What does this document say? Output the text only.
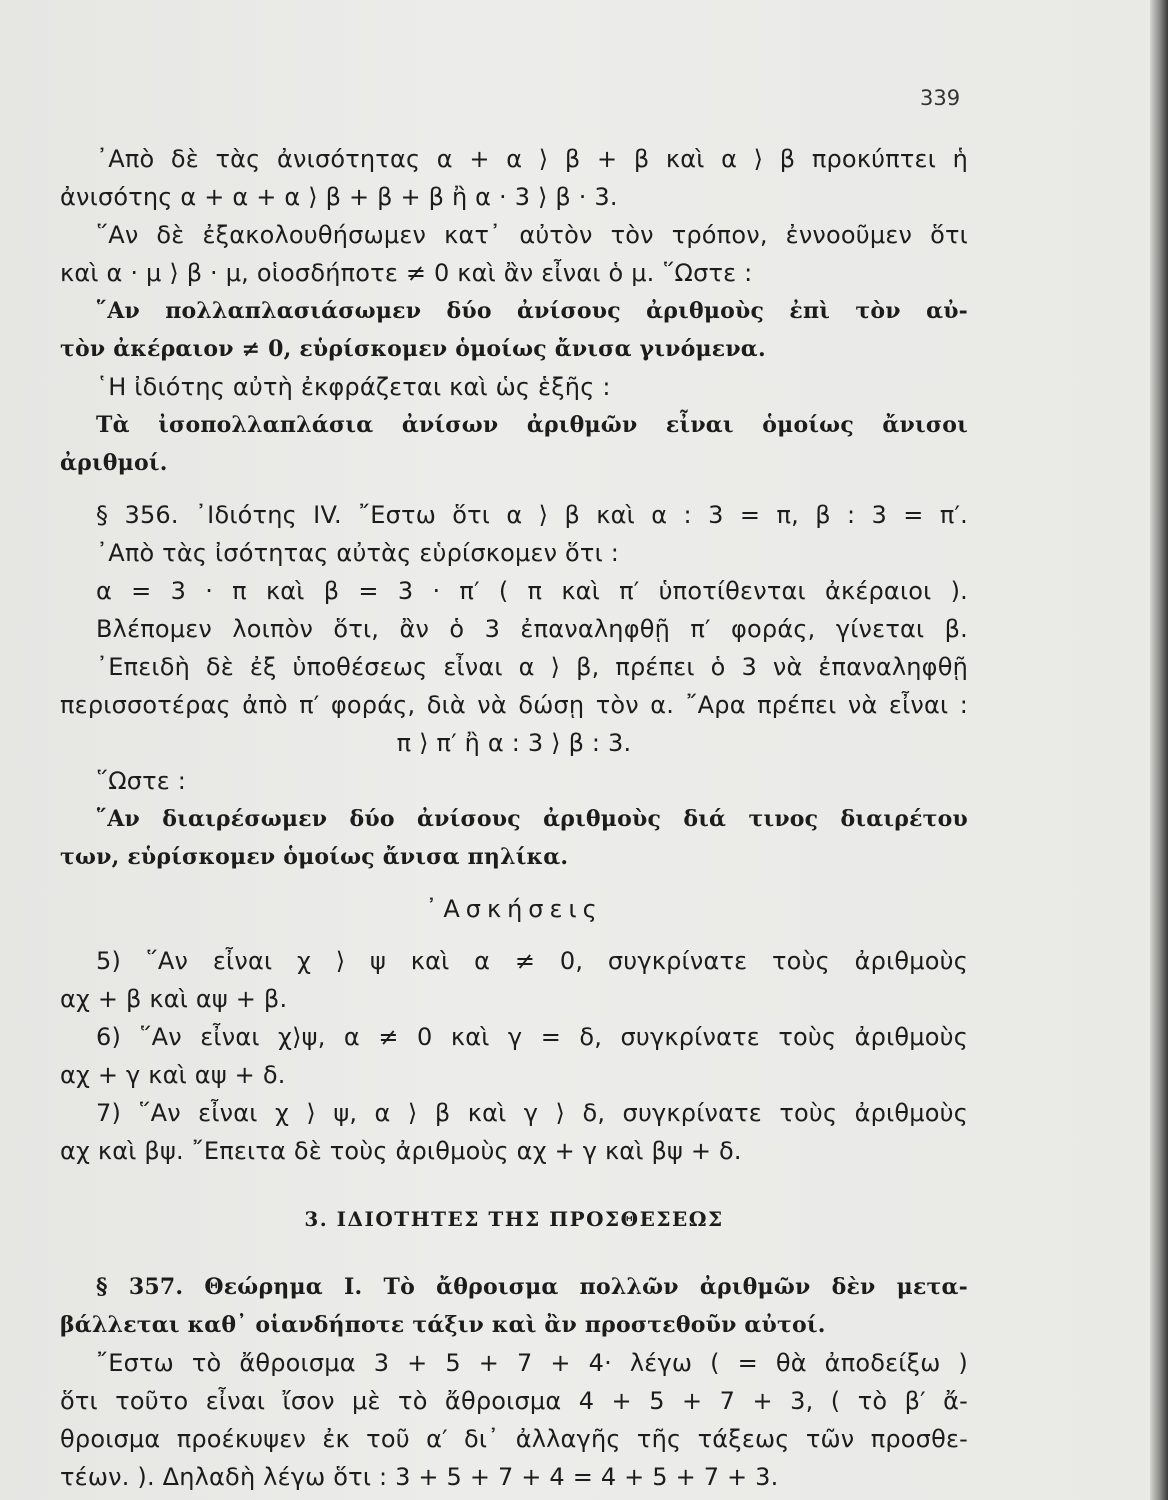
339
᾿Απὸ δὲ τὰς ἀνισότητας α + α ⟩ β + β καὶ α ⟩ β προκύπτει ἡ
ἀνισότης α + α + α ⟩ β + β + β ἢ α · 3 ⟩ β · 3.
῞Αν δὲ ἐξακολουθήσωμεν κατ᾿ αὐτὸν τὸν τρόπον, ἐννοοῦμεν ὅτι
καὶ α · μ ⟩ β · μ, οἱοσδήποτε ≠ 0 καὶ ἂν εἶναι ὁ μ. ῞Ωστε :
῞Αν πολλαπλασιάσωμεν δύο ἀνίσους ἀριθμοὺς ἐπὶ τὸν αὐ-
τὸν ἀκέραιον ≠ 0, εὑρίσκομεν ὁμοίως ἄνισα γινόμενα.
῾Η ἰδιότης αὐτὴ ἐκφράζεται καὶ ὡς ἑξῆς :
Τὰ ἰσοπολλαπλάσια ἀνίσων ἀριθμῶν εἶναι ὁμοίως ἄνισοι
ἀριθμοί.
§ 356. ᾿Ιδιότης IV. ῎Εστω ὅτι α ⟩ β καὶ α : 3 = π, β : 3 = π′.
᾿Απὸ τὰς ἰσότητας αὐτὰς εὑρίσκομεν ὅτι :
α = 3 · π καὶ β = 3 · π′ ( π καὶ π′ ὑποτίθενται ἀκέραιοι ).
Βλέπομεν λοιπὸν ὅτι, ἂν ὁ 3 ἐπαναληφθῇ π′ φοράς, γίνεται β.
᾿Επειδὴ δὲ ἐξ ὑποθέσεως εἶναι α ⟩ β, πρέπει ὁ 3 νὰ ἐπαναληφθῇ
περισσοτέρας ἀπὸ π′ φοράς, διὰ νὰ δώσῃ τὸν α. ῎Αρα πρέπει νὰ εἶναι :
π ⟩ π′ ἢ α : 3 ⟩ β : 3.
῞Ωστε :
῞Αν διαιρέσωμεν δύο ἀνίσους ἀριθμοὺς διά τινος διαιρέτου
των, εὑρίσκομεν ὁμοίως ἄνισα πηλίκα.
᾿Ασκήσεις
5) ῞Αν εἶναι χ ⟩ ψ καὶ α ≠ 0, συγκρίνατε τοὺς ἀριθμοὺς
αχ + β καὶ αψ + β.
6) ῞Αν εἶναι χ⟩ψ, α ≠ 0 καὶ γ = δ, συγκρίνατε τοὺς ἀριθμοὺς
αχ + γ καὶ αψ + δ.
7) ῞Αν εἶναι χ ⟩ ψ, α ⟩ β καὶ γ ⟩ δ, συγκρίνατε τοὺς ἀριθμοὺς
αχ καὶ βψ. ῎Επειτα δὲ τοὺς ἀριθμοὺς αχ + γ καὶ βψ + δ.
3. ΙΔΙΟΤΗΤΕΣ ΤΗΣ ΠΡΟΣΘΕΣΕΩΣ
§ 357. Θεώρημα I. Τὸ ἄθροισμα πολλῶν ἀριθμῶν δὲν μετα-
βάλλεται καθ᾿ οἱανδήποτε τάξιν καὶ ἂν προστεθοῦν αὐτοί.
῎Εστω τὸ ἄθροισμα 3 + 5 + 7 + 4· λέγω ( = θὰ ἀποδείξω )
ὅτι τοῦτο εἶναι ἴσον μὲ τὸ ἄθροισμα 4 + 5 + 7 + 3, ( τὸ β′ ἄ-
θροισμα προέκυψεν ἐκ τοῦ α′ δι᾿ ἀλλαγῆς τῆς τάξεως τῶν προσθε-
τέων. ). Δηλαδὴ λέγω ὅτι : 3 + 5 + 7 + 4 = 4 + 5 + 7 + 3.
